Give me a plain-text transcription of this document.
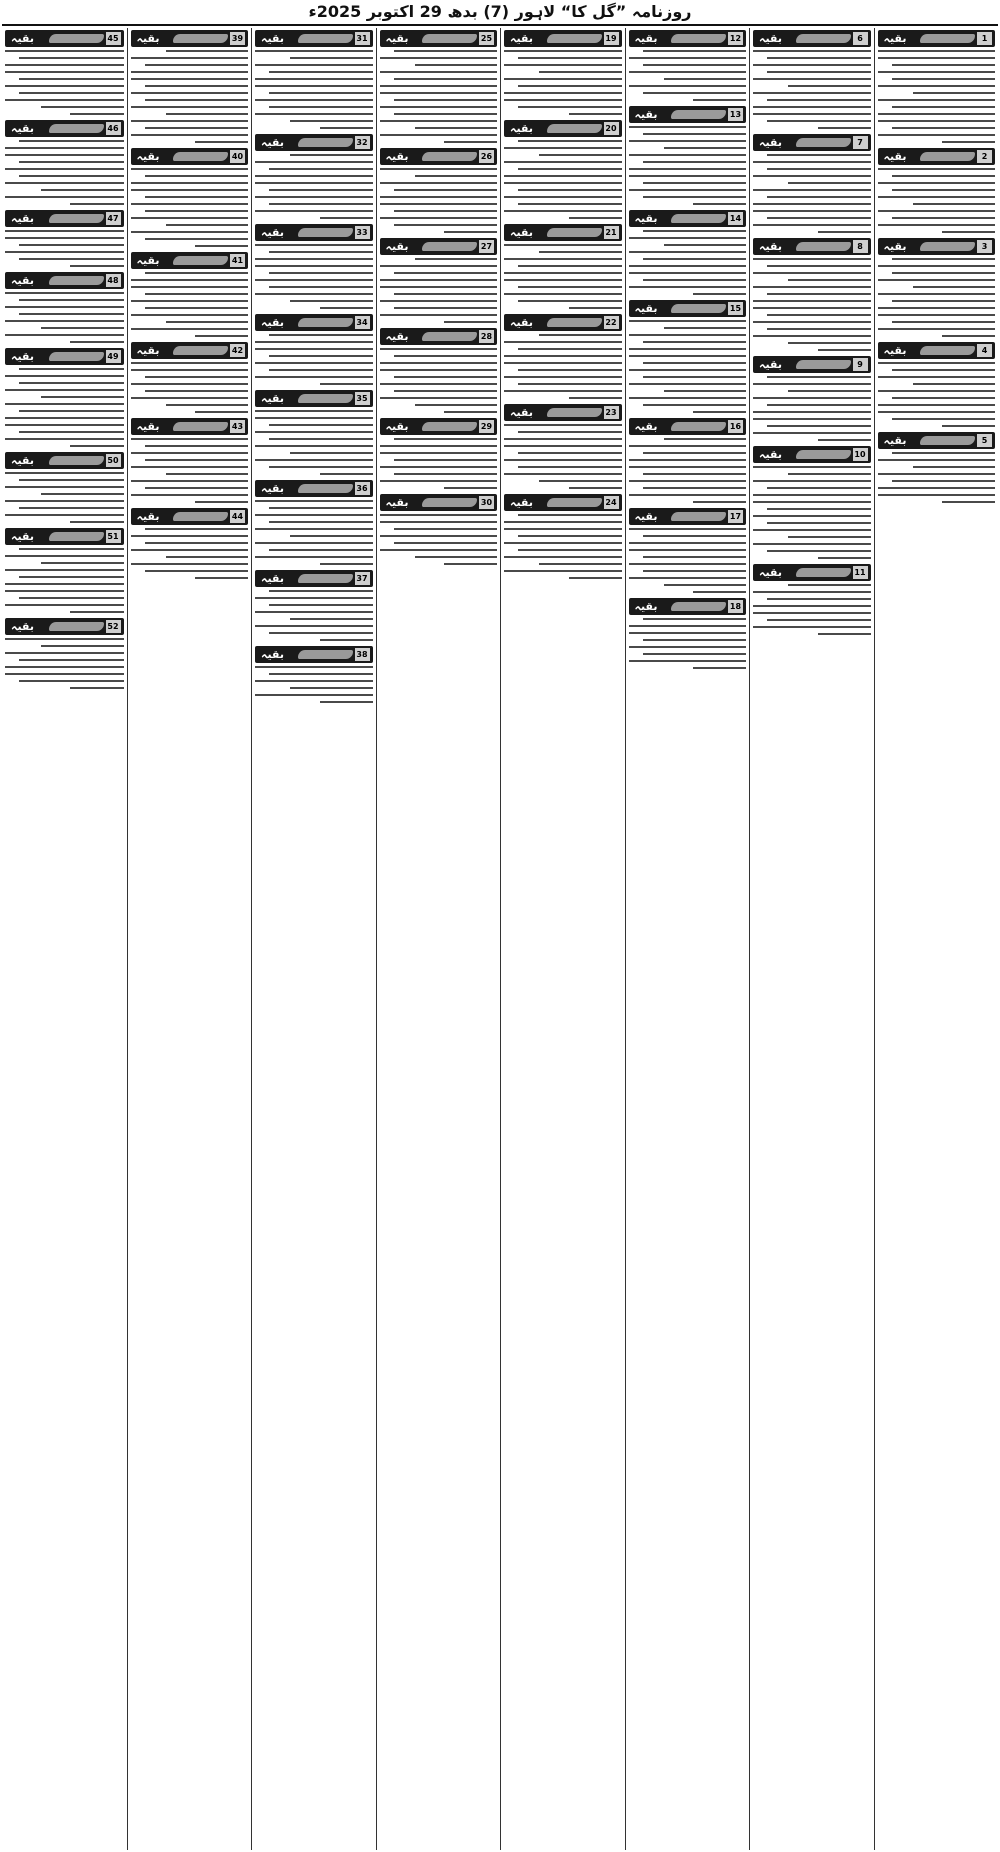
روزنامہ ”گل کا“ لاہور (7) بدھ 29 اکتوبر 2025ء
1
بقیہ
2
بقیہ
3
بقیہ
4
بقیہ
5
بقیہ
6
بقیہ
7
بقیہ
8
بقیہ
9
بقیہ
10
بقیہ
11
بقیہ
12
بقیہ
13
بقیہ
14
بقیہ
15
بقیہ
16
بقیہ
17
بقیہ
18
بقیہ
19
بقیہ
20
بقیہ
21
بقیہ
22
بقیہ
23
بقیہ
24
بقیہ
25
بقیہ
26
بقیہ
27
بقیہ
28
بقیہ
29
بقیہ
30
بقیہ
31
بقیہ
32
بقیہ
33
بقیہ
34
بقیہ
35
بقیہ
36
بقیہ
37
بقیہ
38
بقیہ
39
بقیہ
40
بقیہ
41
بقیہ
42
بقیہ
43
بقیہ
44
بقیہ
45
بقیہ
46
بقیہ
47
بقیہ
48
بقیہ
49
بقیہ
50
بقیہ
51
بقیہ
52
بقیہ
